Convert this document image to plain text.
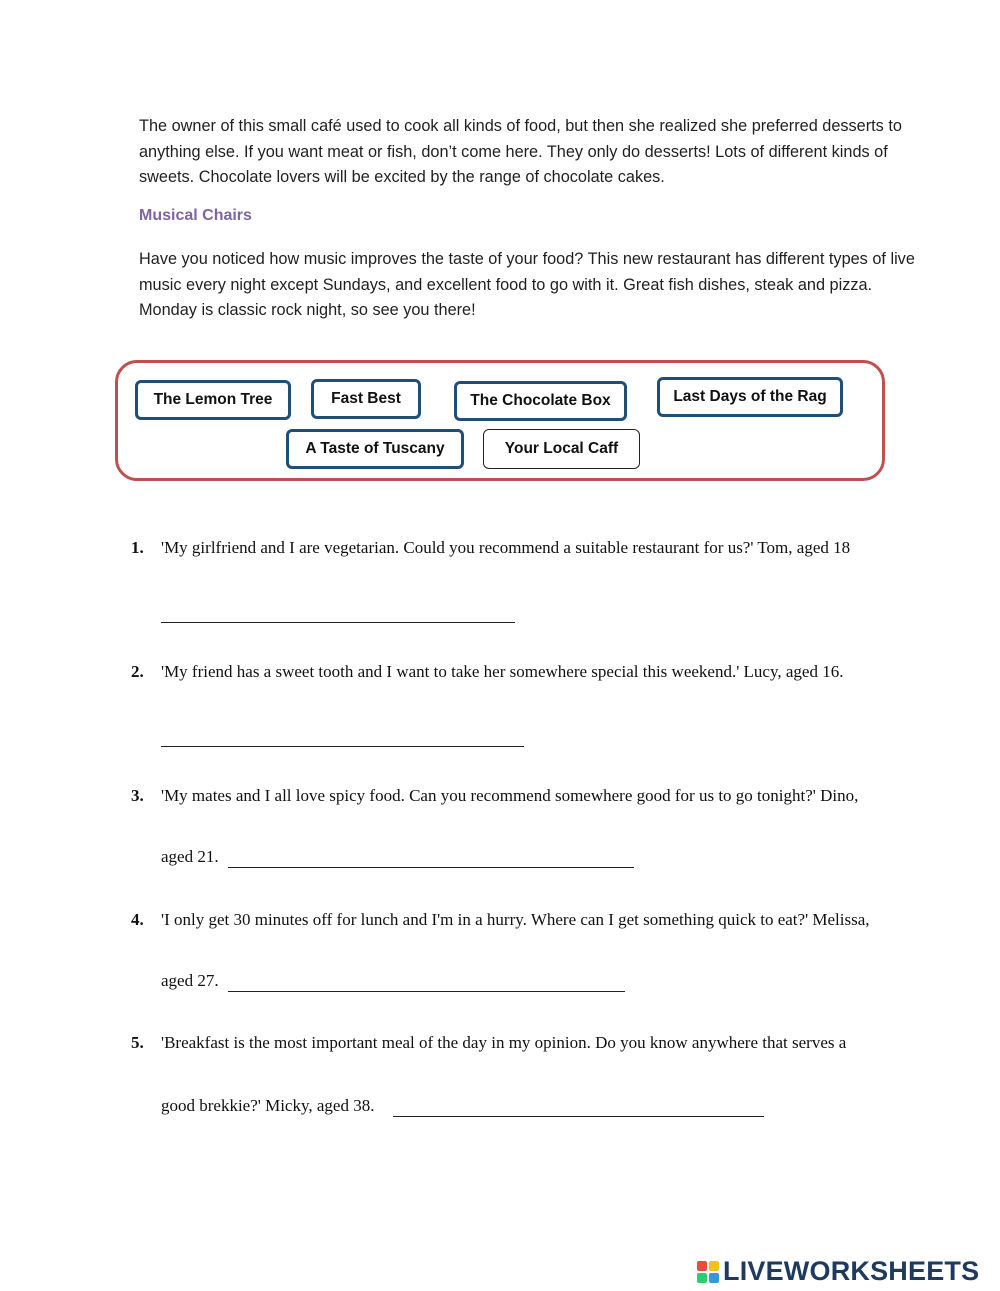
The owner of this small café used to cook all kinds of food, but then she realized she preferred desserts to anything else. If you want meat or fish, don’t come here. They only do desserts! Lots of different kinds of sweets. Chocolate lovers will be excited by the range of chocolate cakes.
Musical Chairs
Have you noticed how music improves the taste of your food? This new restaurant has different types of live music every night except Sundays, and excellent food to go with it. Great fish dishes, steak and pizza. Monday is classic rock night, so see you there!
The Lemon Tree	Fast Best	The Chocolate Box	Last Days of the Rag
A Taste of Tuscany	Your Local Caff
1. 'My girlfriend and I are vegetarian. Could you recommend a suitable restaurant for us?' Tom, aged 18
2. 'My friend has a sweet tooth and I want to take her somewhere special this weekend.' Lucy, aged 16.
3. 'My mates and I all love spicy food. Can you recommend somewhere good for us to go tonight?' Dino,
aged 21.
4. 'I only get 30 minutes off for lunch and I'm in a hurry. Where can I get something quick to eat?' Melissa,
aged 27.
5. 'Breakfast is the most important meal of the day in my opinion. Do you know anywhere that serves a
good brekkie?' Micky, aged 38.
LIVEWORKSHEETS
